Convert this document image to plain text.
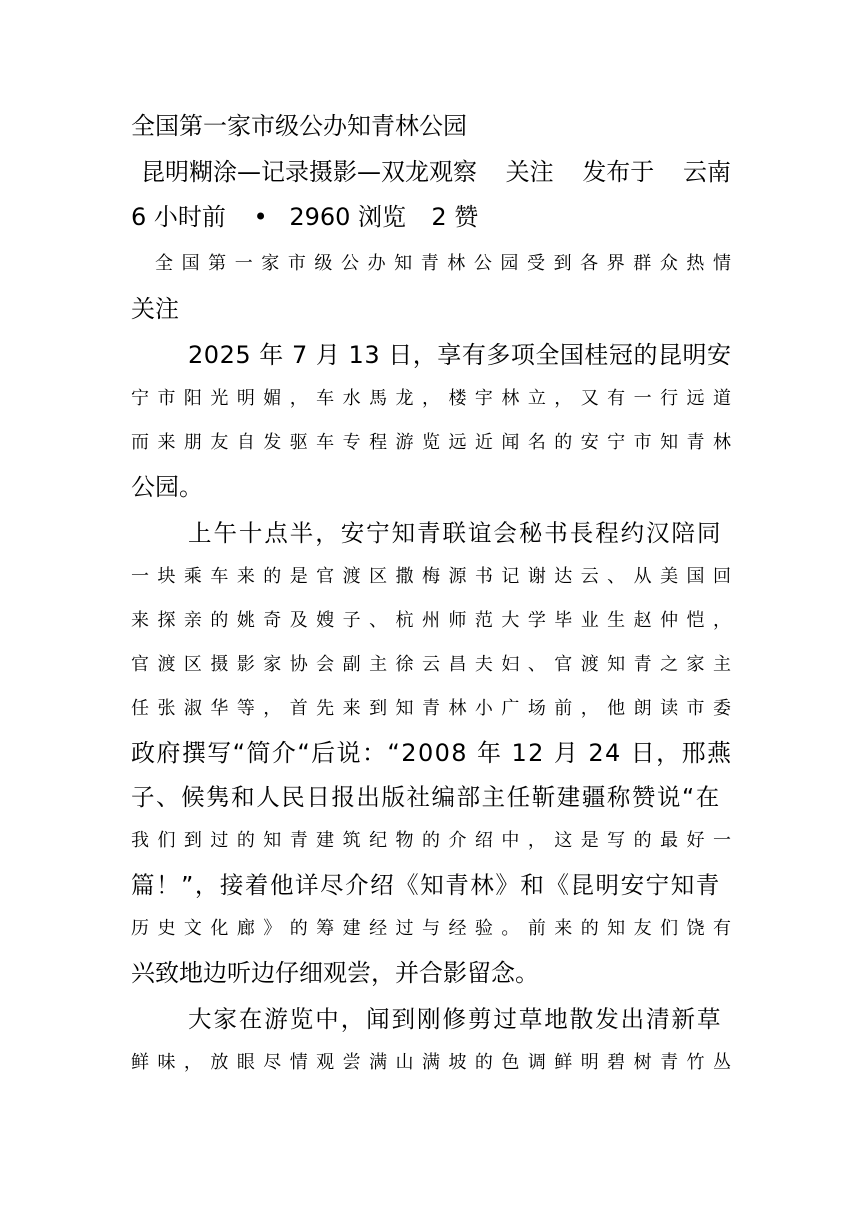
全国第一家市级公办知青林公园
昆明糊涂—记录摄影—双龙观察 关注 发布于 云南
6 小时前 • 2960 浏览 2 赞
全国第一家市级公办知青林公园受到各界群众热情
关注
2025 年 7 月 13 日，享有多项全国桂冠的昆明安
宁市阳光明媚，车水馬龙，楼宇林立，又有一行远道
而来朋友自发驱车专程游览远近闻名的安宁市知青林
公园。
上午十点半，安宁知青联谊会秘书長程约汉陪同
一块乘车来的是官渡区撒梅源书记谢达云、从美国回
来探亲的姚奇及嫂子、杭州师范大学毕业生赵仲恺，
官渡区摄影家协会副主徐云昌夫妇、官渡知青之家主
任张淑华等，首先来到知青林小广场前，他朗读市委
政府撰写“简介“后说：“2008 年 12 月 24 日，邢燕
子、候隽和人民日报出版社编部主任靳建疆称赞说“在
我们到过的知青建筑纪物的介绍中，这是写的最好一
篇！”，接着他详尽介绍《知青林》和《昆明安宁知青
历史文化廊》的筹建经过与经验。前来的知友们饶有
兴致地边听边仔细观尝，并合影留念。
大家在游览中，闻到刚修剪过草地散发出清新草
鲜味，放眼尽情观尝满山满坡的色调鲜明碧树青竹丛
